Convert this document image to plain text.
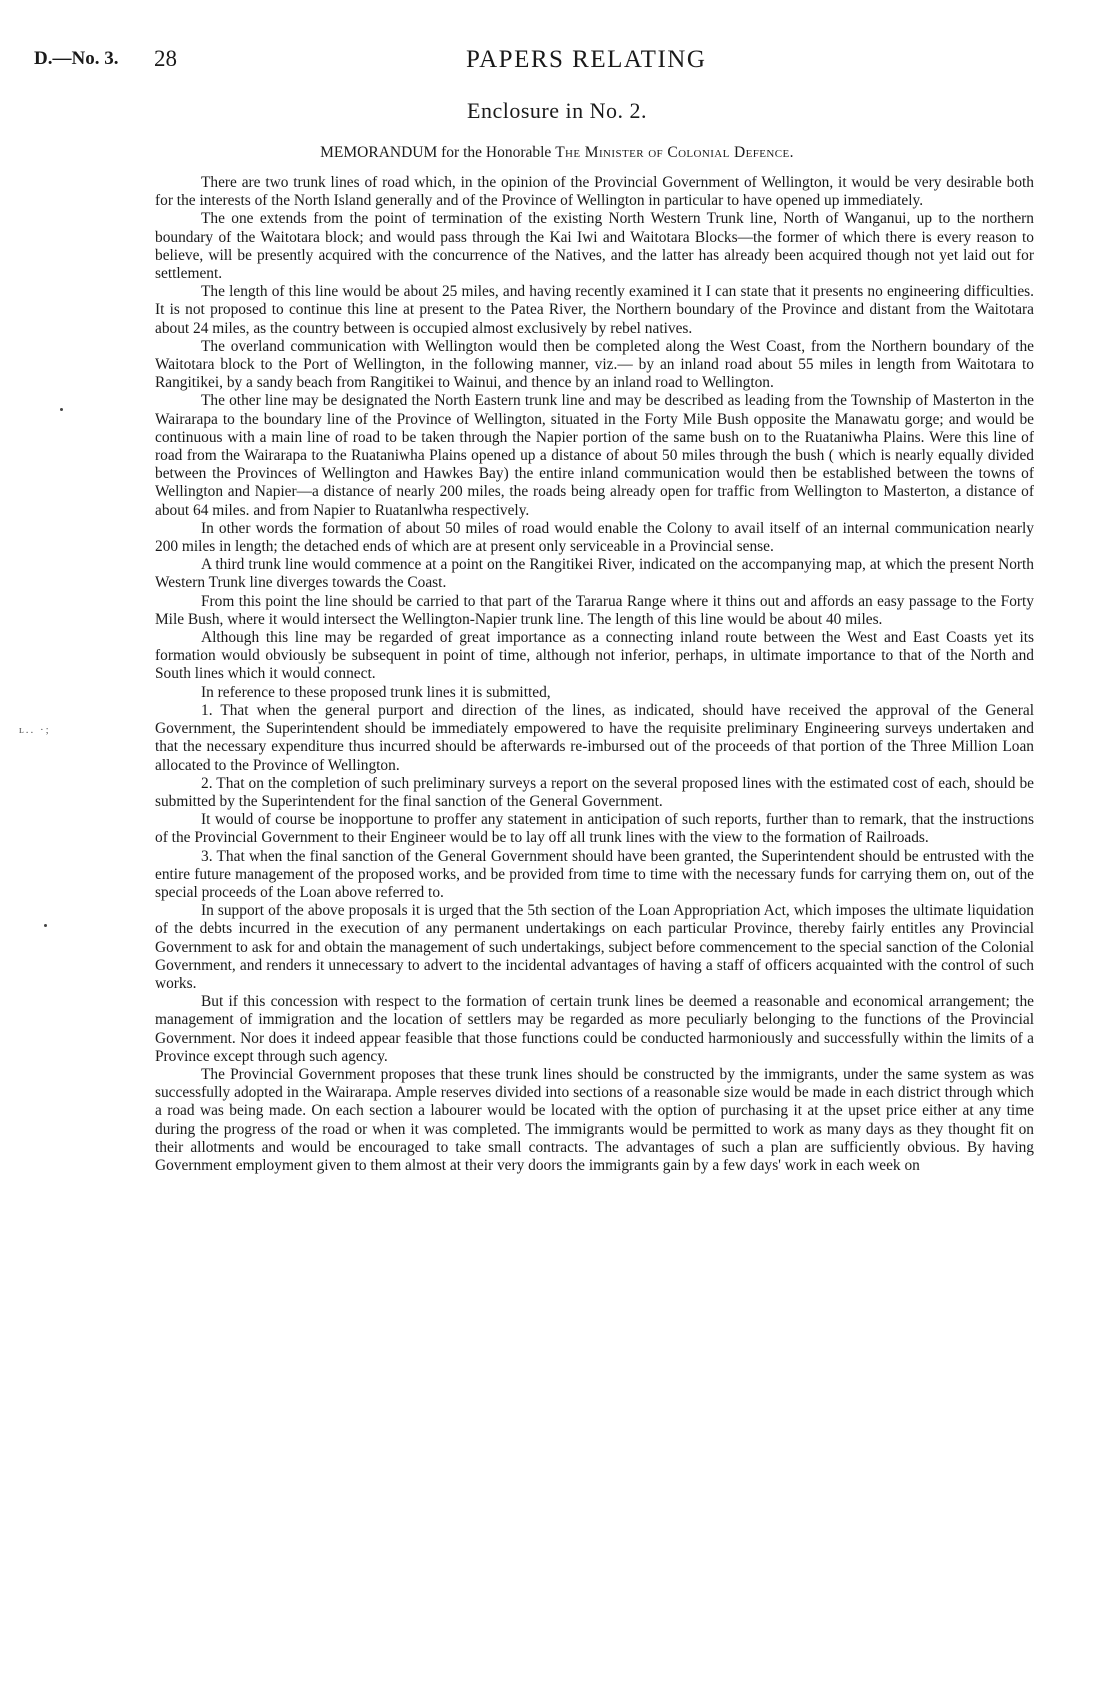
D.—No. 3. 28	PAPERS RELATING
Enclosure in No. 2.
MEMORANDUM for the Honorable The Minister of Colonial Defence.

There are two trunk lines of road which, in the opinion of the Provincial Government of Wellington, it would be very desirable both for the interests of the North Island generally and of the Province of Wellington in particular to have opened up immediately.

The one extends from the point of termination of the existing North Western Trunk line, North of Wanganui, up to the northern boundary of the Waitotara block; and would pass through the Kai Iwi and Waitotara Blocks—the former of which there is every reason to believe, will be presently acquired with the concurrence of the Natives, and the latter has already been acquired though not yet laid out for settlement.

The length of this line would be about 25 miles, and having recently examined it I can state that it presents no engineering difficulties. It is not proposed to continue this line at present to the Patea River, the Northern boundary of the Province and distant from the Waitotara about 24 miles, as the country between is occupied almost exclusively by rebel natives.

The overland communication with Wellington would then be completed along the West Coast, from the Northern boundary of the Waitotara block to the Port of Wellington, in the following manner, viz.— by an inland road about 55 miles in length from Waitotara to Rangitikei, by a sandy beach from Rangitikei to Wainui, and thence by an inland road to Wellington.

The other line may be designated the North Eastern trunk line and may be described as leading from the Township of Masterton in the Wairarapa to the boundary line of the Province of Wellington, situated in the Forty Mile Bush opposite the Manawatu gorge; and would be continuous with a main line of road to be taken through the Napier portion of the same bush on to the Ruataniwha Plains. Were this line of road from the Wairarapa to the Ruataniwha Plains opened up a distance of about 50 miles through the bush ( which is nearly equally divided between the Provinces of Wellington and Hawkes Bay) the entire inland communication would then be established between the towns of Wellington and Napier—a distance of nearly 200 miles, the roads being already open for traffic from Wellington to Masterton, a distance of about 64 miles. and from Napier to Ruatanlwha respectively.

In other words the formation of about 50 miles of road would enable the Colony to avail itself of an internal communication nearly 200 miles in length; the detached ends of which are at present only serviceable in a Provincial sense.

A third trunk line would commence at a point on the Rangitikei River, indicated on the accompanying map, at which the present North Western Trunk line diverges towards the Coast.

From this point the line should be carried to that part of the Tararua Range where it thins out and affords an easy passage to the Forty Mile Bush, where it would intersect the Wellington-Napier trunk line. The length of this line would be about 40 miles.

Although this line may be regarded of great importance as a connecting inland route between the West and East Coasts yet its formation would obviously be subsequent in point of time, although not inferior, perhaps, in ultimate importance to that of the North and South lines which it would connect.

In reference to these proposed trunk lines it is submitted,

1. That when the general purport and direction of the lines, as indicated, should have received the approval of the General Government, the Superintendent should be immediately empowered to have the requisite preliminary Engineering surveys undertaken and that the necessary expenditure thus incurred should be afterwards re-imbursed out of the proceeds of that portion of the Three Million Loan allocated to the Province of Wellington.

2. That on the completion of such preliminary surveys a report on the several proposed lines with the estimated cost of each, should be submitted by the Superintendent for the final sanction of the General Government.

It would of course be inopportune to proffer any statement in anticipation of such reports, further than to remark, that the instructions of the Provincial Government to their Engineer would be to lay off all trunk lines with the view to the formation of Railroads.

3. That when the final sanction of the General Government should have been granted, the Superintendent should be entrusted with the entire future management of the proposed works, and be provided from time to time with the necessary funds for carrying them on, out of the special proceeds of the Loan above referred to.

In support of the above proposals it is urged that the 5th section of the Loan Appropriation Act, which imposes the ultimate liquidation of the debts incurred in the execution of any permanent undertakings on each particular Province, thereby fairly entitles any Provincial Government to ask for and obtain the management of such undertakings, subject before commencement to the special sanction of the Colonial Government, and renders it unnecessary to advert to the incidental advantages of having a staff of officers acquainted with the control of such works.

But if this concession with respect to the formation of certain trunk lines be deemed a reasonable and economical arrangement; the management of immigration and the location of settlers may be regarded as more peculiarly belonging to the functions of the Provincial Government. Nor does it indeed appear feasible that those functions could be conducted harmoniously and successfully within the limits of a Province except through such agency.

The Provincial Government proposes that these trunk lines should be constructed by the immigrants, under the same system as was successfully adopted in the Wairarapa. Ample reserves divided into sections of a reasonable size would be made in each district through which a road was being made. On each section a labourer would be located with the option of purchasing it at the upset price either at any time during the progress of the road or when it was completed. The immigrants would be permitted to work as many days as they thought fit on their allotments and would be encouraged to take small contracts. The advantages of such a plan are sufficiently obvious. By having Government employment given to them almost at their very doors the immigrants gain by a few days' work in each week on

ʟ.. ·;
